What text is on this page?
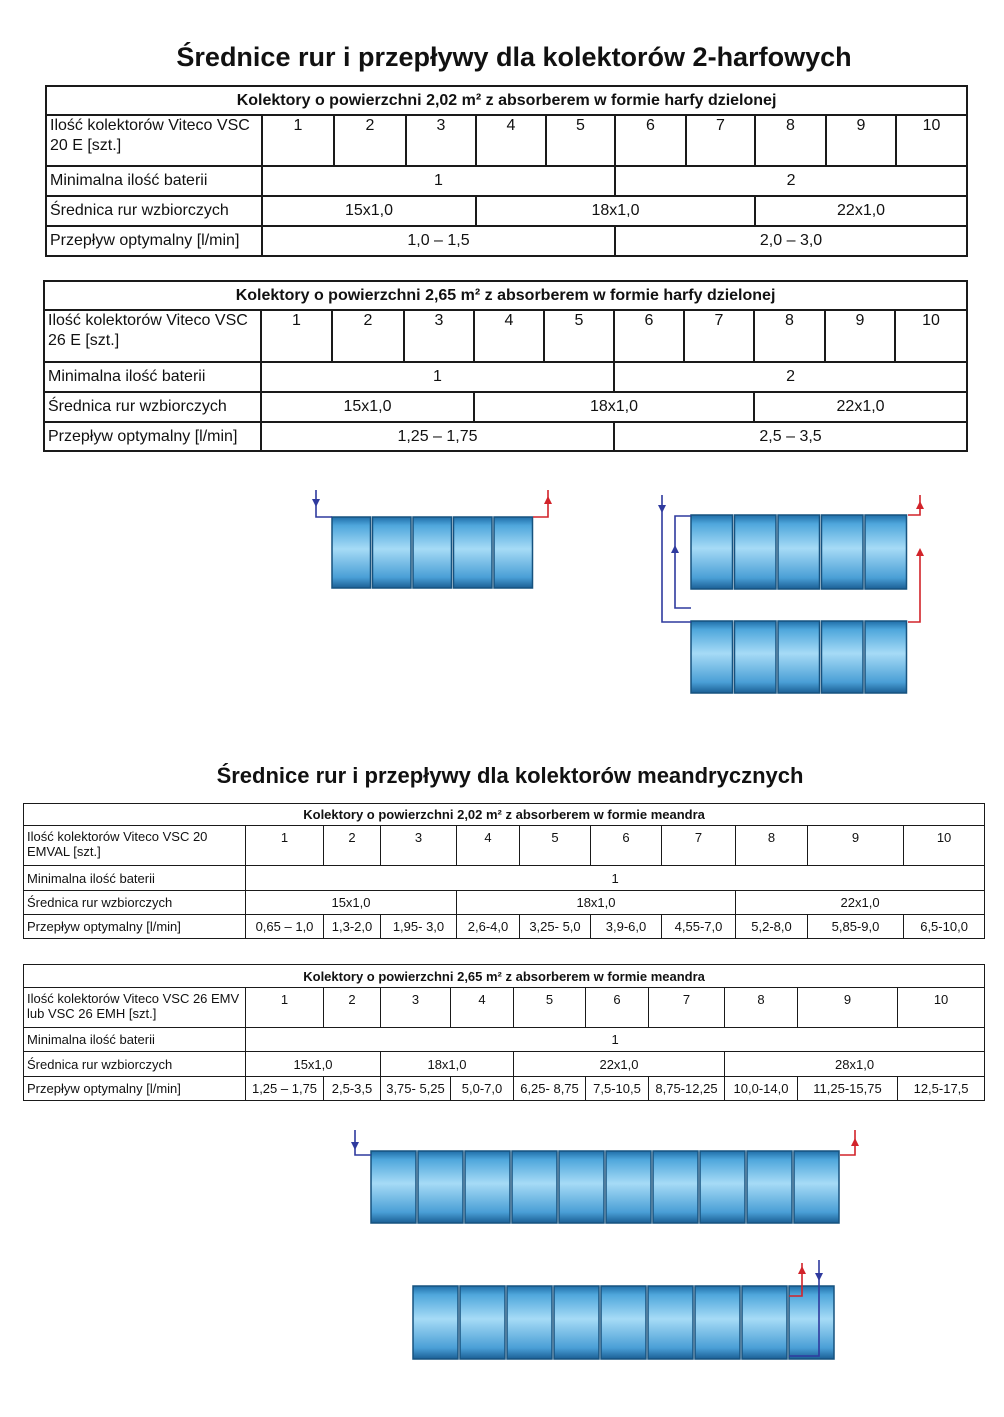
Średnice rur i przepływy dla kolektorów 2-harfowych
Kolektory o powierzchni 2,02 m² z absorberem w formie harfy dzielonej										
Ilość kolektorów Viteco VSC 20 E [szt.]	1	2	3	4	5	6	7	8	9	10
Minimalna ilość baterii	1					2				
Średnica rur wzbiorczych	15x1,0			18x1,0				22x1,0		
Przepływ optymalny [l/min]	1,0 – 1,5					2,0 – 3,0				
Kolektory o powierzchni 2,65 m² z absorberem w formie harfy dzielonej										
Ilość kolektorów Viteco VSC 26 E [szt.]	1	2	3	4	5	6	7	8	9	10
Minimalna ilość baterii	1					2				
Średnica rur wzbiorczych	15x1,0			18x1,0				22x1,0		
Przepływ optymalny [l/min]	1,25 – 1,75					2,5 – 3,5				
Średnice rur i przepływy dla kolektorów meandrycznych
Kolektory o powierzchni 2,02 m² z absorberem w formie meandra										
Ilość kolektorów Viteco VSC 20 EMVAL [szt.]	1	2	3	4	5	6	7	8	9	10
Minimalna ilość baterii	1									
Średnica rur wzbiorczych	15x1,0			18x1,0				22x1,0		
Przepływ optymalny [l/min]	0,65 – 1,0	1,3-2,0	1,95- 3,0	2,6-4,0	3,25- 5,0	3,9-6,0	4,55-7,0	5,2-8,0	5,85-9,0	6,5-10,0
Kolektory o powierzchni 2,65 m² z absorberem w formie meandra										
Ilość kolektorów Viteco VSC 26 EMV lub VSC 26 EMH [szt.]	1	2	3	4	5	6	7	8	9	10
Minimalna ilość baterii	1									
Średnica rur wzbiorczych	15x1,0		18x1,0		22x1,0			28x1,0		
Przepływ optymalny [l/min]	1,25 – 1,75	2,5-3,5	3,75- 5,25	5,0-7,0	6,25- 8,75	7,5-10,5	8,75-12,25	10,0-14,0	11,25-15,75	12,5-17,5
